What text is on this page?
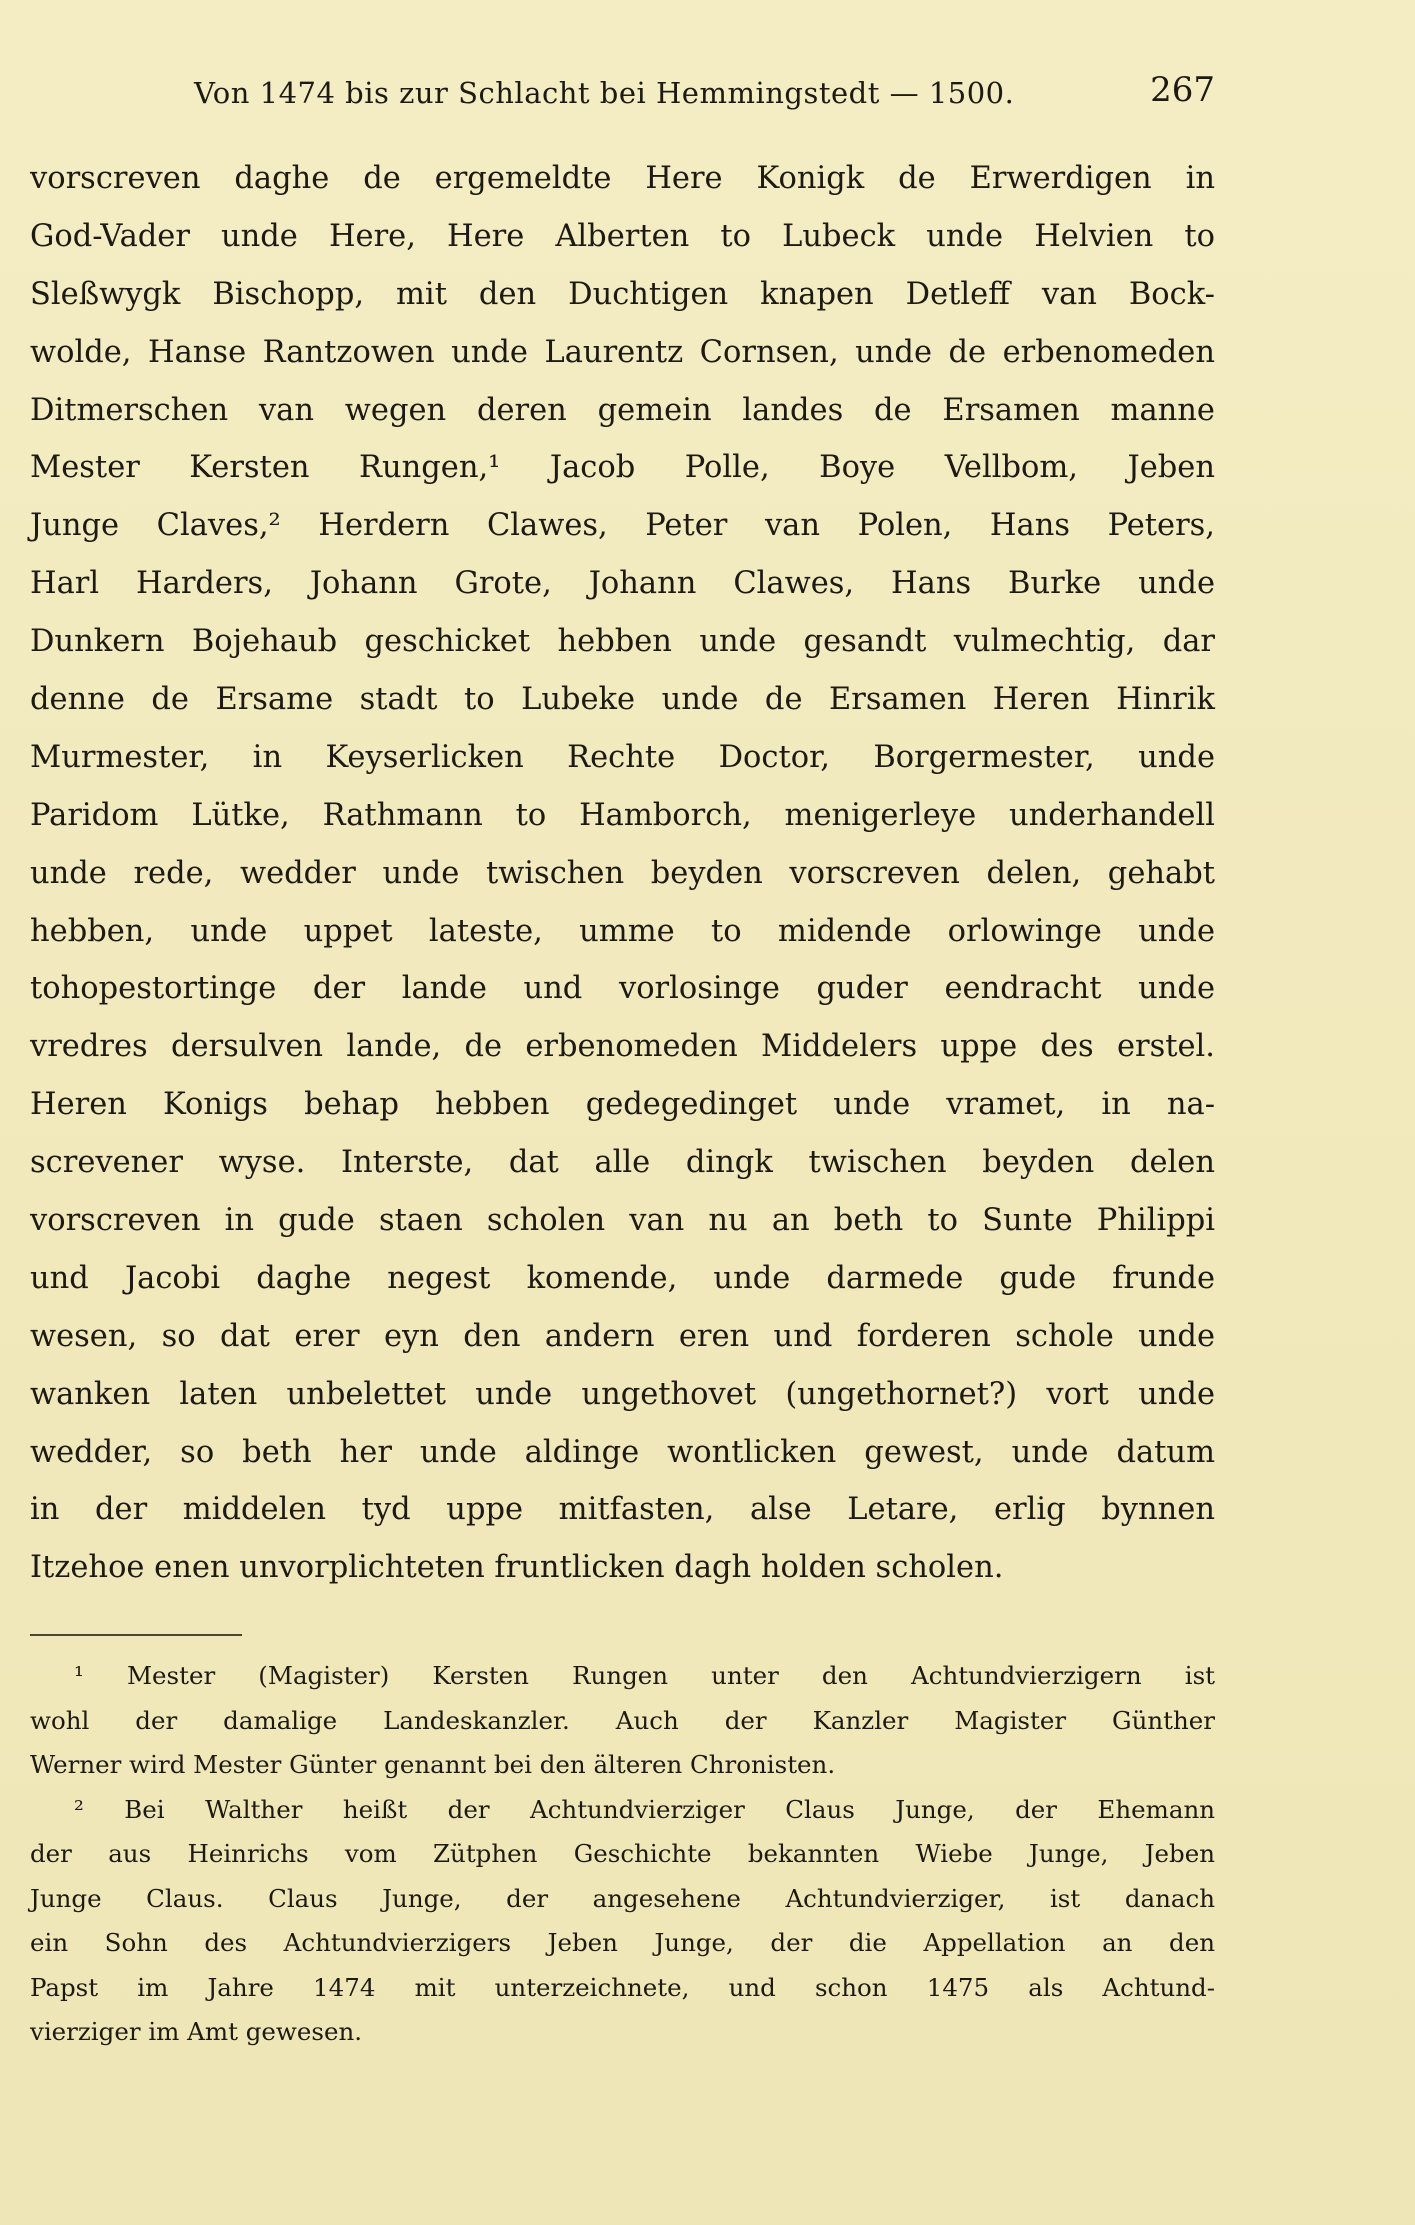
Von 1474 bis zur Schlacht bei Hemmingstedt — 1500.	267
vorscreven daghe de ergemeldte Here Konigk de Erwerdigen in
God-Vader unde Here, Here Alberten to Lubeck unde Helvien to
Sleßwygk Bischopp, mit den Duchtigen knapen Detleff van Bock-
wolde, Hanse Rantzowen unde Laurentz Cornsen, unde de erbenomeden
Ditmerschen van wegen deren gemein landes de Ersamen manne
Mester Kersten Rungen,¹ Jacob Polle, Boye Vellbom, Jeben
Junge Claves,² Herdern Clawes, Peter van Polen, Hans Peters,
Harl Harders, Johann Grote, Johann Clawes, Hans Burke unde
Dunkern Bojehaub geschicket hebben unde gesandt vulmechtig, dar
denne de Ersame stadt to Lubeke unde de Ersamen Heren Hinrik
Murmester, in Keyserlicken Rechte Doctor, Borgermester, unde
Paridom Lütke, Rathmann to Hamborch, menigerleye underhandell
unde rede, wedder unde twischen beyden vorscreven delen, gehabt
hebben, unde uppet lateste, umme to midende orlowinge unde
tohopestortinge der lande und vorlosinge guder eendracht unde
vredres dersulven lande, de erbenomeden Middelers uppe des erstel.
Heren Konigs behap hebben gedegedinget unde vramet, in na-
screvener wyse. Interste, dat alle dingk twischen beyden delen
vorscreven in gude staen scholen van nu an beth to Sunte Philippi
und Jacobi daghe negest komende, unde darmede gude frunde
wesen, so dat erer eyn den andern eren und forderen schole unde
wanken laten unbelettet unde ungethovet (ungethornet?) vort unde
wedder, so beth her unde aldinge wontlicken gewest, unde datum
in der middelen tyd uppe mitfasten, alse Letare, erlig bynnen
Itzehoe enen unvorplichteten fruntlicken dagh holden scholen.
¹ Mester (Magister) Kersten Rungen unter den Achtundvierzigern ist
wohl der damalige Landeskanzler. Auch der Kanzler Magister Günther
Werner wird Mester Günter genannt bei den älteren Chronisten.
² Bei Walther heißt der Achtundvierziger Claus Junge, der Ehemann
der aus Heinrichs vom Zütphen Geschichte bekannten Wiebe Junge, Jeben
Junge Claus. Claus Junge, der angesehene Achtundvierziger, ist danach
ein Sohn des Achtundvierzigers Jeben Junge, der die Appellation an den
Papst im Jahre 1474 mit unterzeichnete, und schon 1475 als Achtund-
vierziger im Amt gewesen.
